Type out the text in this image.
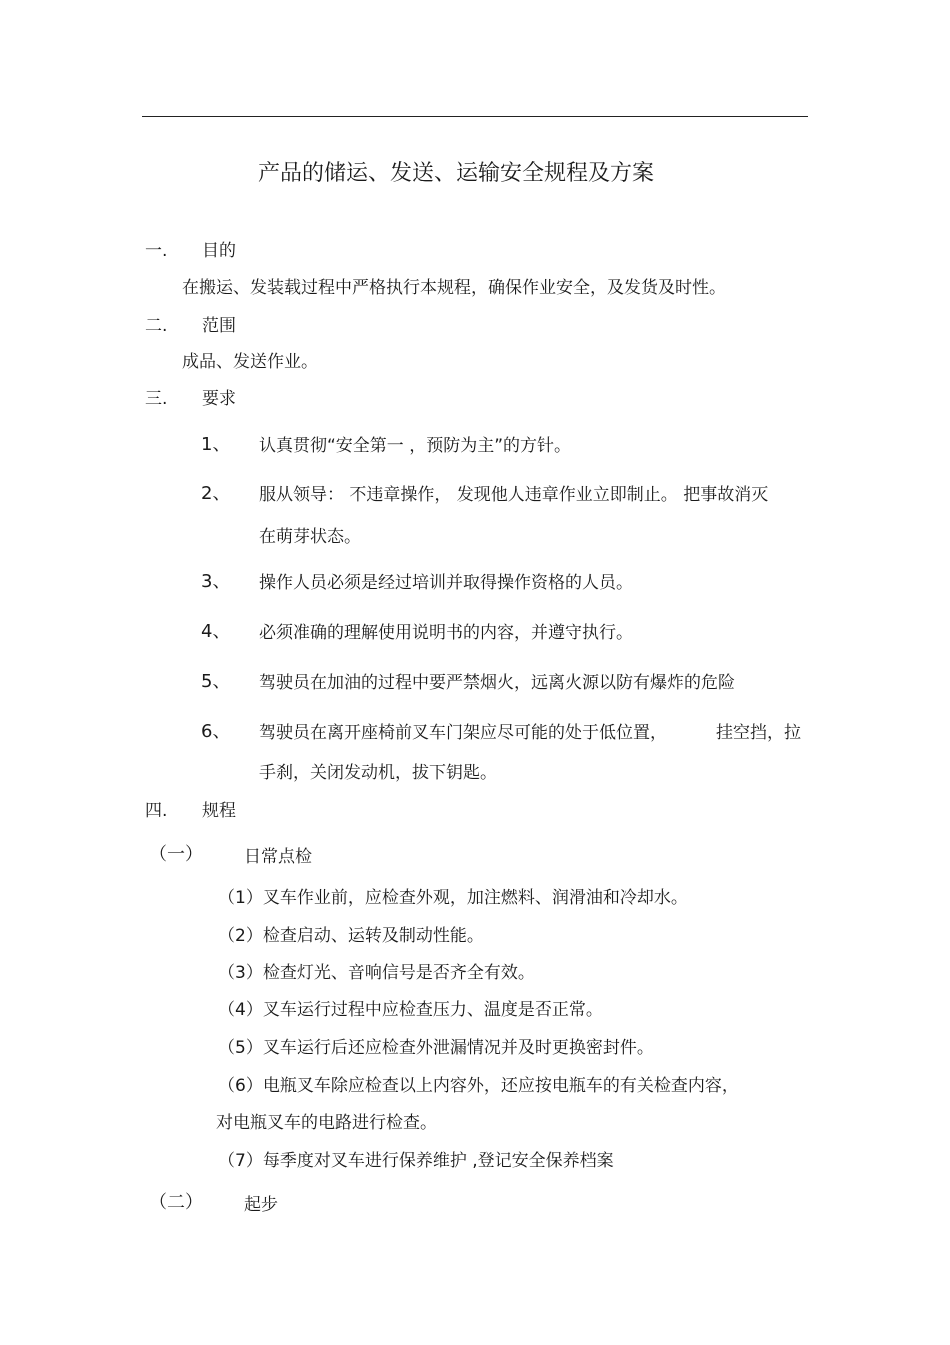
产品的储运、发送、运输安全规程及方案
一. 目的
在搬运、发装载过程中严格执行本规程，确保作业安全，及发货及时性。
二. 范围
成品、发送作业。
三. 要求
1、 认真贯彻“安全第一 ，预防为主”的方针。
2、 服从领导： 不违章操作， 发现他人违章作业立即制止。 把事故消灭
在萌芽状态。
3、 操作人员必须是经过培训并取得操作资格的人员。
4、 必须准确的理解使用说明书的内容，并遵守执行。
5、 驾驶员在加油的过程中要严禁烟火，远离火源以防有爆炸的危险
6、 驾驶员在离开座椅前叉车门架应尽可能的处于低位置，	挂空挡，拉
手刹，关闭发动机，拔下钥匙。
四. 规程
（一） 日常点检
（1）叉车作业前，应检查外观，加注燃料、润滑油和冷却水。
（2）检查启动、运转及制动性能。
（3）检查灯光、音响信号是否齐全有效。
（4）叉车运行过程中应检查压力、温度是否正常。
（5）叉车运行后还应检查外泄漏情况并及时更换密封件。
（6）电瓶叉车除应检查以上内容外，还应按电瓶车的有关检查内容，
对电瓶叉车的电路进行检查。
（7）每季度对叉车进行保养维护 ,登记安全保养档案
（二） 起步
